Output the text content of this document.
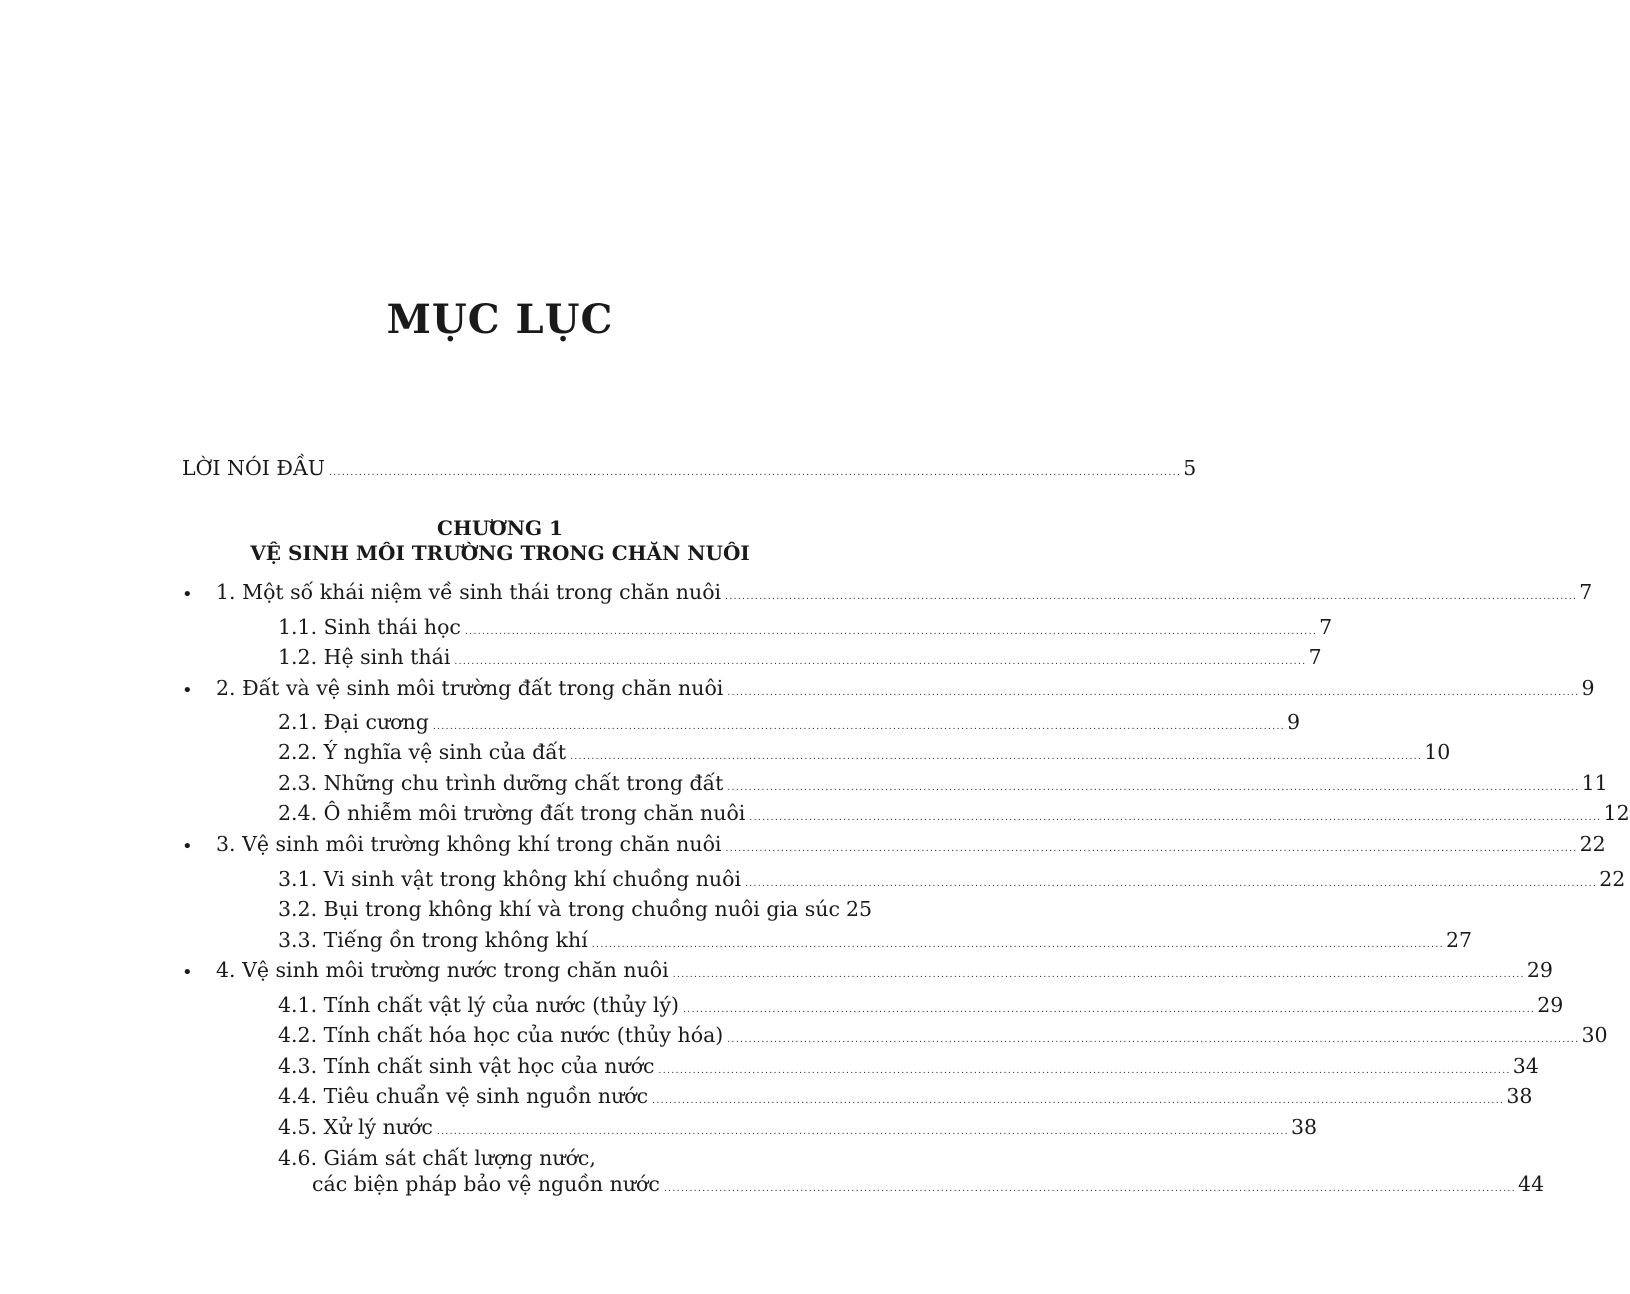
MỤC LỤC
LỜI NÓI ĐẦU ........................................................................................................................................................................................................ 5
CHƯƠNG 1
VỆ SINH MÔI TRƯỜNG TRONG CHĂN NUÔI
• 1. Một số khái niệm về sinh thái trong chăn nuôi ........................................................................................................................................................................................................ 7
1.1. Sinh thái học ........................................................................................................................................................................................................ 7
1.2. Hệ sinh thái ........................................................................................................................................................................................................ 7
• 2. Đất và vệ sinh môi trường đất trong chăn nuôi ........................................................................................................................................................................................................ 9
2.1. Đại cương ........................................................................................................................................................................................................ 9
2.2. Ý nghĩa vệ sinh của đất ........................................................................................................................................................................................................ 10
2.3. Những chu trình dưỡng chất trong đất ........................................................................................................................................................................................................ 11
2.4. Ô nhiễm môi trường đất trong chăn nuôi ........................................................................................................................................................................................................ 12
• 3. Vệ sinh môi trường không khí trong chăn nuôi ........................................................................................................................................................................................................ 22
3.1. Vi sinh vật trong không khí chuồng nuôi ........................................................................................................................................................................................................ 22
3.2. Bụi trong không khí và trong chuồng nuôi gia súc 25
3.3. Tiếng ồn trong không khí ........................................................................................................................................................................................................ 27
• 4. Vệ sinh môi trường nước trong chăn nuôi ........................................................................................................................................................................................................ 29
4.1. Tính chất vật lý của nước (thủy lý) ........................................................................................................................................................................................................ 29
4.2. Tính chất hóa học của nước (thủy hóa) ........................................................................................................................................................................................................ 30
4.3. Tính chất sinh vật học của nước ........................................................................................................................................................................................................ 34
4.4. Tiêu chuẩn vệ sinh nguồn nước ........................................................................................................................................................................................................ 38
4.5. Xử lý nước ........................................................................................................................................................................................................ 38
4.6. Giám sát chất lượng nước,
các biện pháp bảo vệ nguồn nước ........................................................................................................................................................................................................ 44
